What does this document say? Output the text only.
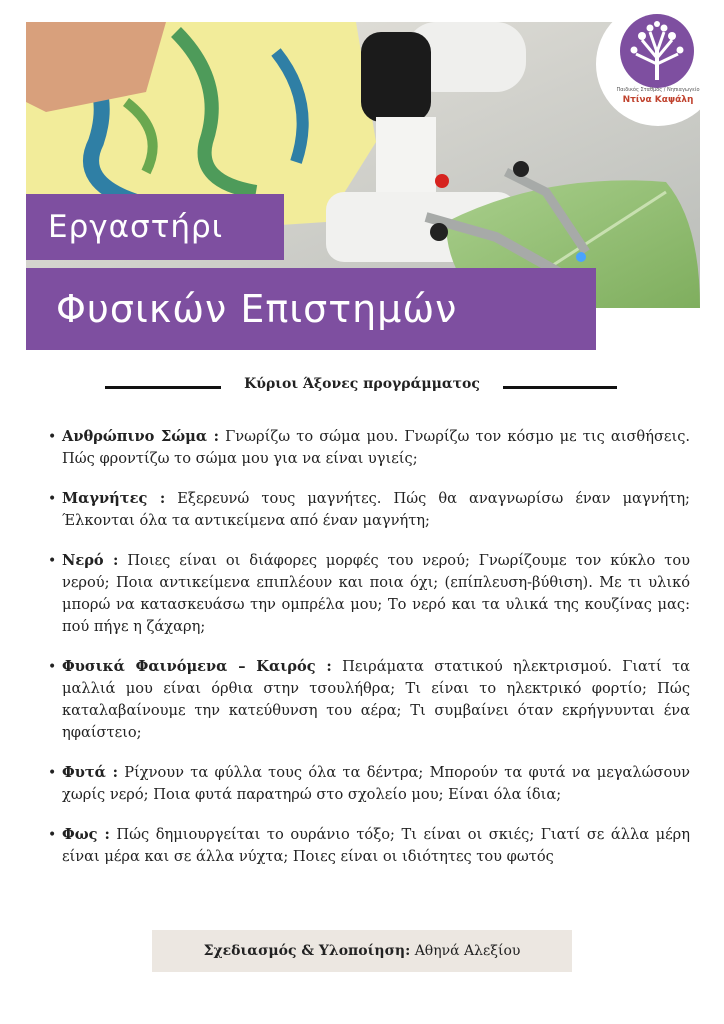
Παιδικός Σταθμός / Νηπιαγωγείο
Ντίνα Καψάλη
Εργαστήρι
Φυσικών Επιστημών
Κύριοι Άξονες προγράμματος
• Ανθρώπινο Σώμα : Γνωρίζω το σώμα μου. Γνωρίζω τον κόσμο με τις αισθήσεις. Πώς φροντίζω το σώμα μου για να είναι υγιείς;
• Μαγνήτες : Εξερευνώ τους μαγνήτες. Πώς θα αναγνωρίσω έναν μαγνήτη; Έλκονται όλα τα αντικείμενα από έναν μαγνήτη;
• Νερό : Ποιες είναι οι διάφορες μορφές του νερού; Γνωρίζουμε τον κύκλο του νερού; Ποια αντικείμενα επιπλέουν και ποια όχι; (επίπλευση-βύθιση). Με τι υλικό μπορώ να κατασκευάσω την ομπρέλα μου; Το νερό και τα υλικά της κουζίνας μας: πού πήγε η ζάχαρη;
• Φυσικά Φαινόμενα – Καιρός : Πειράματα στατικού ηλεκτρισμού. Γιατί τα μαλλιά μου είναι όρθια στην τσουλήθρα; Τι είναι το ηλεκτρικό φορτίο; Πώς καταλαβαίνουμε την κατεύθυνση του αέρα; Τι συμβαίνει όταν εκρήγνυνται ένα ηφαίστειο;
• Φυτά : Ρίχνουν τα φύλλα τους όλα τα δέντρα; Μπορούν τα φυτά να μεγαλώσουν χωρίς νερό; Ποια φυτά παρατηρώ στο σχολείο μου; Είναι όλα ίδια;
• Φως : Πώς δημιουργείται το ουράνιο τόξο; Τι είναι οι σκιές; Γιατί σε άλλα μέρη είναι μέρα και σε άλλα νύχτα; Ποιες είναι οι ιδιότητες του φωτός
Σχεδιασμός & Υλοποίηση: Αθηνά Αλεξίου
